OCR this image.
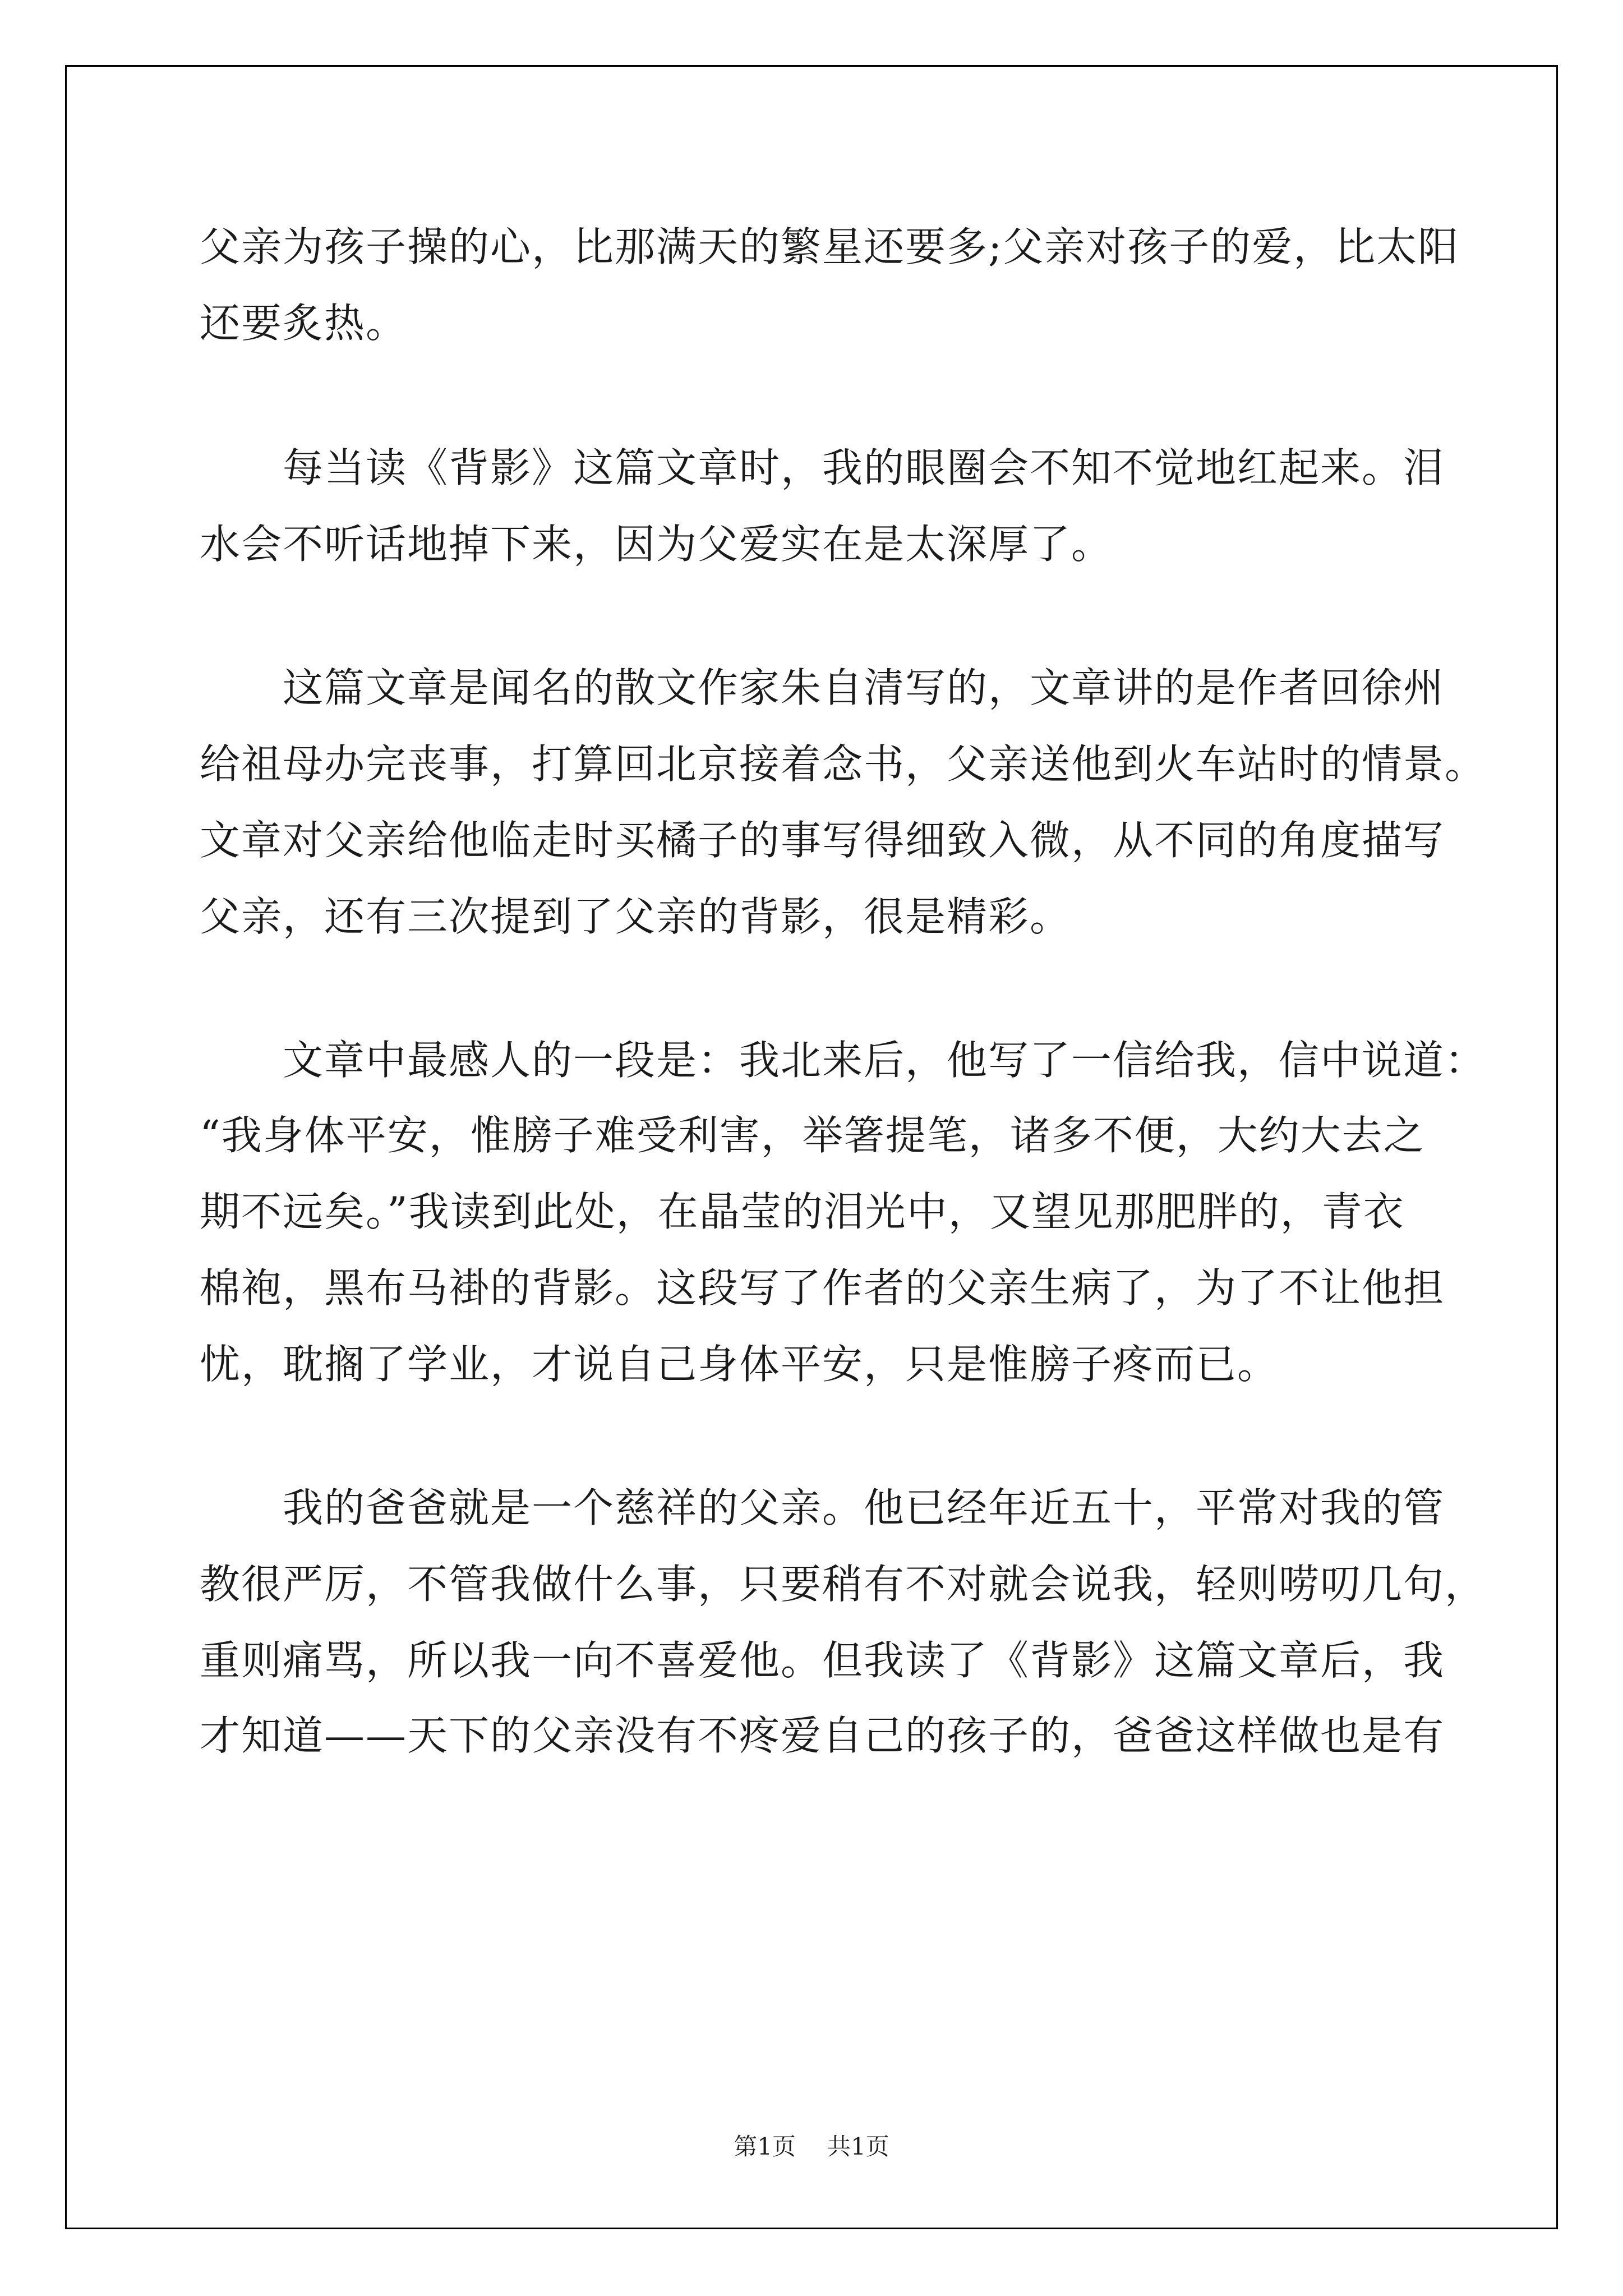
父亲为孩子操的心，比那满天的繁星还要多;父亲对孩子的爱，比太阳
还要炙热。
　　每当读《背影》这篇文章时，我的眼圈会不知不觉地红起来。泪
水会不听话地掉下来，因为父爱实在是太深厚了。
　　这篇文章是闻名的散文作家朱自清写的，文章讲的是作者回徐州
给祖母办完丧事，打算回北京接着念书，父亲送他到火车站时的情景。
文章对父亲给他临走时买橘子的事写得细致入微，从不同的角度描写
父亲，还有三次提到了父亲的背影，很是精彩。
　　文章中最感人的一段是：我北来后，他写了一信给我，信中说道：
“我身体平安，惟膀子难受利害，举箸提笔，诸多不便，大约大去之
期不远矣。”我读到此处，在晶莹的泪光中，又望见那肥胖的，青衣
棉袍，黑布马褂的背影。这段写了作者的父亲生病了，为了不让他担
忧，耽搁了学业，才说自己身体平安，只是惟膀子疼而已。
　　我的爸爸就是一个慈祥的父亲。他已经年近五十，平常对我的管
教很严厉，不管我做什么事，只要稍有不对就会说我，轻则唠叨几句，
重则痛骂，所以我一向不喜爱他。但我读了《背影》这篇文章后，我
才知道——天下的父亲没有不疼爱自己的孩子的，爸爸这样做也是有
第1页 共1页
